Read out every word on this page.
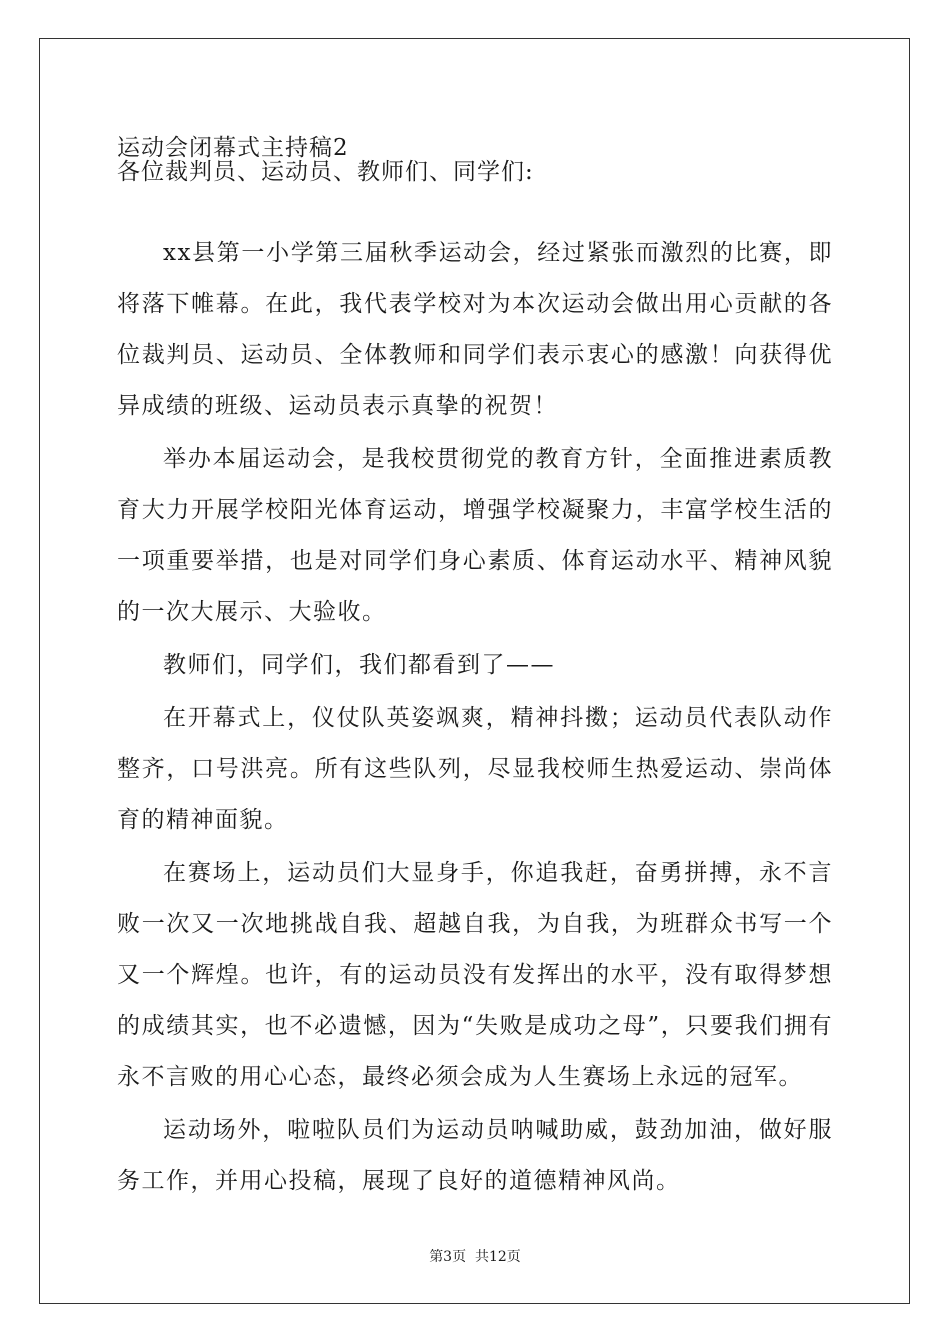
运动会闭幕式主持稿2
各位裁判员、运动员、教师们、同学们:

xx县第一小学第三届秋季运动会，经过紧张而激烈的比赛，即将落下帷幕。在此，我代表学校对为本次运动会做出用心贡献的各位裁判员、运动员、全体教师和同学们表示衷心的感激！向获得优异成绩的班级、运动员表示真挚的祝贺！

举办本届运动会，是我校贯彻党的教育方针，全面推进素质教育大力开展学校阳光体育运动，增强学校凝聚力，丰富学校生活的一项重要举措，也是对同学们身心素质、体育运动水平、精神风貌的一次大展示、大验收。

教师们，同学们，我们都看到了——

在开幕式上，仪仗队英姿飒爽，精神抖擞；运动员代表队动作整齐，口号洪亮。所有这些队列，尽显我校师生热爱运动、崇尚体育的精神面貌。

在赛场上，运动员们大显身手，你追我赶，奋勇拼搏，永不言败一次又一次地挑战自我、超越自我，为自我，为班群众书写一个又一个辉煌。也许，有的运动员没有发挥出的水平，没有取得梦想的成绩其实，也不必遗憾，因为“失败是成功之母”，只要我们拥有永不言败的用心心态，最终必须会成为人生赛场上永远的冠军。

运动场外，啦啦队员们为运动员呐喊助威，鼓劲加油，做好服务工作，并用心投稿，展现了良好的道德精神风尚。

第3页  共12页
